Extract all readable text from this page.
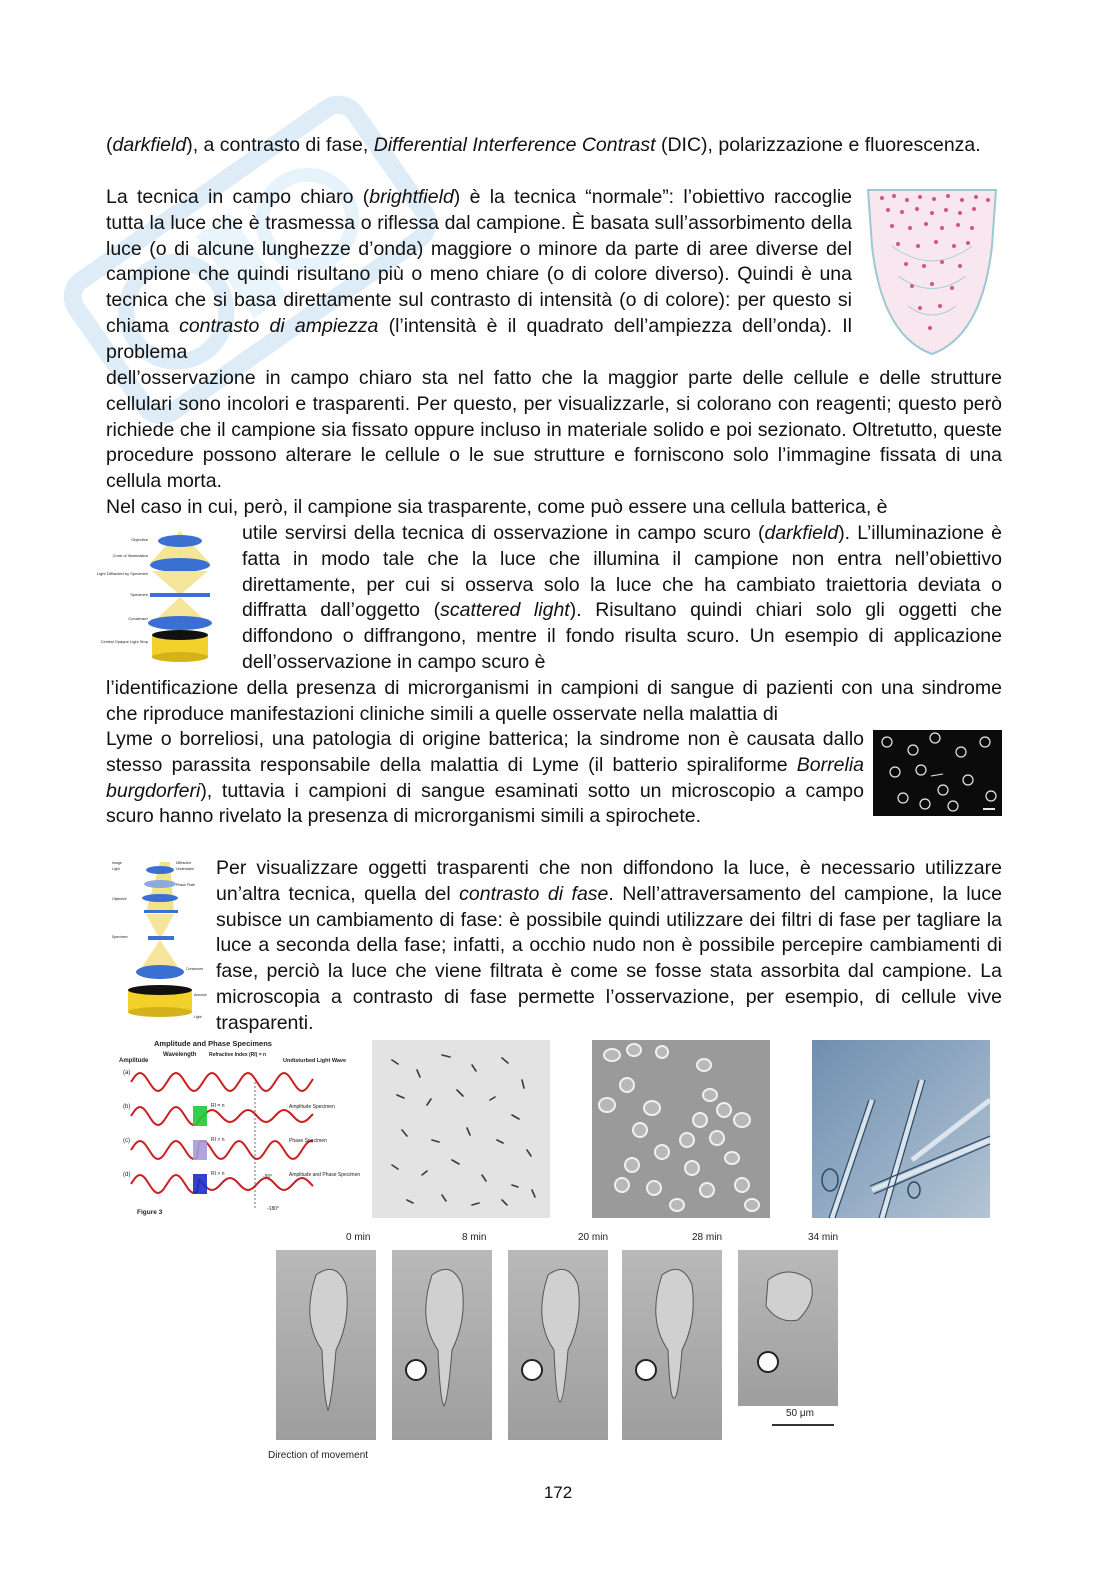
(darkfield), a contrasto di fase, Differential Interference Contrast (DIC), polarizzazione e fluorescenza.

La tecnica in campo chiaro (brightfield) è la tecnica “normale”: l’obiettivo raccoglie tutta la luce che è trasmessa o riflessa dal campione. È basata sull’assorbimento della luce (o di alcune lunghezze d’onda) maggiore o minore da parte di aree diverse del campione che quindi risultano più o meno chiare (o di colore diverso). Quindi è una tecnica che si basa direttamente sul contrasto di intensità (o di colore): per questo si chiama contrasto di ampiezza (l’intensità è il quadrato dell’ampiezza dell’onda). Il problema

dell’osservazione in campo chiaro sta nel fatto che la maggior parte delle cellule e delle strutture cellulari sono incolori e trasparenti. Per questo, per visualizzarle, si colorano con reagenti; questo però richiede che il campione sia fissato oppure incluso in materiale solido e poi sezionato. Oltretutto, queste procedure possono alterare le cellule o le sue strutture e forniscono solo l’immagine fissata di una cellula morta.

Nel caso in cui, però, il campione sia trasparente, come può essere una cellula batterica, è

utile servirsi della tecnica di osservazione in campo scuro (darkfield). L’illuminazione è fatta in modo tale che la luce che illumina il campione non entra nell’obiettivo direttamente, per cui si osserva solo la luce che ha cambiato traiettoria deviata o diffratta dall’oggetto (scattered light). Risultano quindi chiari solo gli oggetti che diffondono o diffrangono, mentre il fondo risulta scuro. Un esempio di applicazione dell’osservazione in campo scuro è

l’identificazione della presenza di microrganismi in campioni di sangue di pazienti con una sindrome che riproduce manifestazioni cliniche simili a quelle osservate nella malattia di

Lyme o borreliosi, una patologia di origine batterica; la sindrome non è causata dallo stesso parassita responsabile della malattia di Lyme (il batterio spiraliforme Borrelia burgdorferi), tuttavia i campioni di sangue esaminati sotto un microscopio a campo scuro hanno rivelato la presenza di microrganismi simili a spirochete.

Per visualizzare oggetti trasparenti che non diffondono la luce, è necessario utilizzare un’altra tecnica, quella del contrasto di fase. Nell’attraversamento del campione, la luce subisce un cambiamento di fase: è possibile quindi utilizzare dei filtri di fase per tagliare la luce a seconda della fase; infatti, a occhio nudo non è possibile percepire cambiamenti di fase, perciò la luce che viene filtrata è come se fosse stata assorbita dal campione. La microscopia a contrasto di fase permette l’osservazione, per esempio, di cellule vive trasparenti.

Objective
Cone of Illumination
Light Diffracted by Specimen
Specimen
Condenser
Central Opaque Light Stop
Image	Diffracted
Undeviated
Light
Phase Plate
Objective
Specimen
Condenser
Annulus
Light
Amplitude and Phase Specimens
Amplitude
Wavelength	Refractive Index (RI) = n
Undisturbed Light Wave
(a)
(b)	RI = n	Amplitude Specimen
(c)	RI > n	Phase Specimen
(d)	RI > n	Amplitude and Phase Specimen
-90°
-180°
Figure 3
0 min	8 min	20 min	28 min	34 min
Direction of movement
50 μm
172
